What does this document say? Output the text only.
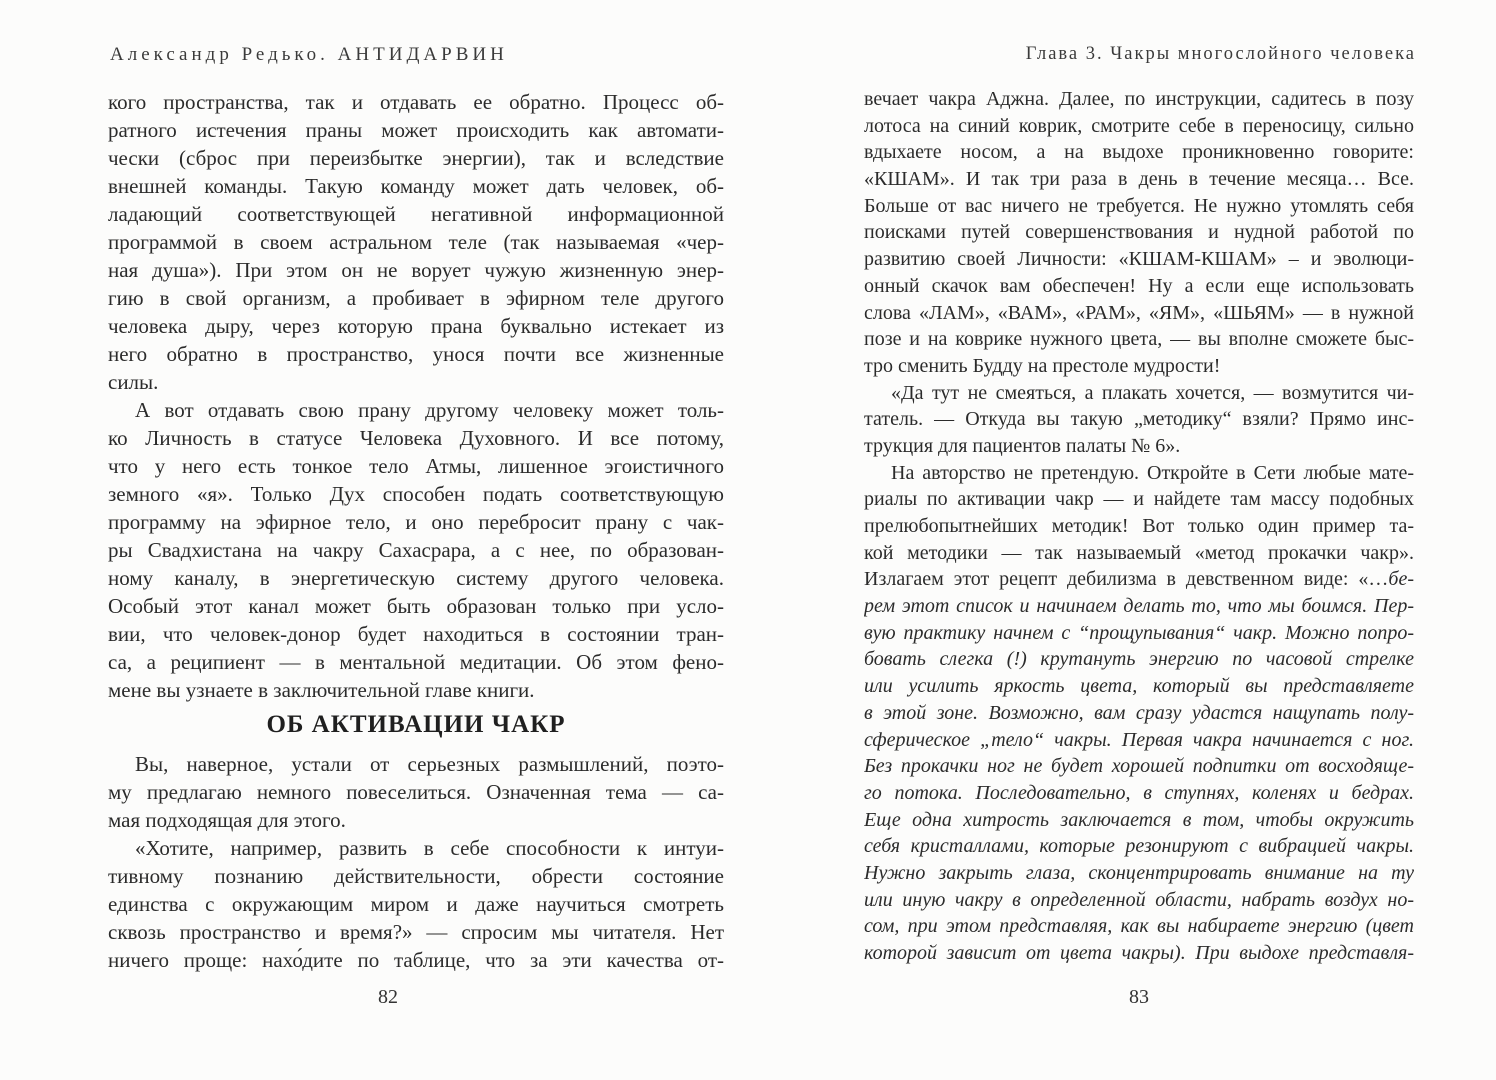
Александр Редько. АНТИДАРВИН	Глава 3. Чакры многослойного человека
кого пространства, так и отдавать ее обратно. Процесс об-
ратного истечения праны может происходить как автомати-
чески (сброс при переизбытке энергии), так и вследствие
внешней команды. Такую команду может дать человек, об-
ладающий соответствующей негативной информационной
программой в своем астральном теле (так называемая «чер-
ная душа»). При этом он не ворует чужую жизненную энер-
гию в свой организм, а пробивает в эфирном теле другого
человека дыру, через которую прана буквально истекает из
него обратно в пространство, унося почти все жизненные
силы.
А вот отдавать свою прану другому человеку может толь-
ко Личность в статусе Человека Духовного. И все потому,
что у него есть тонкое тело Атмы, лишенное эгоистичного
земного «я». Только Дух способен подать соответствующую
программу на эфирное тело, и оно перебросит прану с чак-
ры Свадхистана на чакру Сахасрара, а с нее, по образован-
ному каналу, в энергетическую систему другого человека.
Особый этот канал может быть образован только при усло-
вии, что человек-донор будет находиться в состоянии тран-
са, а реципиент — в ментальной медитации. Об этом фено-
мене вы узнаете в заключительной главе книги.
ОБ АКТИВАЦИИ ЧАКР
Вы, наверное, устали от серьезных размышлений, поэто-
му предлагаю немного повеселиться. Означенная тема — са-
мая подходящая для этого.
«Хотите, например, развить в себе способности к интуи-
тивному познанию действительности, обрести состояние
единства с окружающим миром и даже научиться смотреть
сквозь пространство и время?» — спросим мы читателя. Нет
ничего проще: нахо́дите по таблице, что за эти качества от-
вечает чакра Аджна. Далее, по инструкции, садитесь в позу
лотоса на синий коврик, смотрите себе в переносицу, сильно
вдыхаете носом, а на выдохе проникновенно говорите:
«КШАМ». И так три раза в день в течение месяца… Все.
Больше от вас ничего не требуется. Не нужно утомлять себя
поисками путей совершенствования и нудной работой по
развитию своей Личности: «КШАМ-КШАМ» – и эволюци-
онный скачок вам обеспечен! Ну а если еще использовать
слова «ЛАМ», «ВАМ», «РАМ», «ЯМ», «ШЬЯМ» — в нужной
позе и на коврике нужного цвета, — вы вполне сможете быс-
тро сменить Будду на престоле мудрости!
«Да тут не смеяться, а плакать хочется, — возмутится чи-
татель. — Откуда вы такую „методику“ взяли? Прямо инс-
трукция для пациентов палаты № 6».
На авторство не претендую. Откройте в Сети любые мате-
риалы по активации чакр — и найдете там массу подобных
прелюбопытнейших методик! Вот только один пример та-
кой методики — так называемый «метод прокачки чакр».
Излагаем этот рецепт дебилизма в девственном виде: «…бе-
рем этот список и начинаем делать то, что мы боимся. Пер-
вую практику начнем с “прощупывания“ чакр. Можно попро-
бовать слегка (!) крутануть энергию по часовой стрелке
или усилить яркость цвета, который вы представляете
в этой зоне. Возможно, вам сразу удастся нащупать полу-
сферическое „тело“ чакры. Первая чакра начинается с ног.
Без прокачки ног не будет хорошей подпитки от восходяще-
го потока. Последовательно, в ступнях, коленях и бедрах.
Еще одна хитрость заключается в том, чтобы окружить
себя кристаллами, которые резонируют с вибрацией чакры.
Нужно закрыть глаза, сконцентрировать внимание на ту
или иную чакру в определенной области, набрать воздух но-
сом, при этом представляя, как вы набираете энергию (цвет
которой зависит от цвета чакры). При выдохе представля-
82	83
